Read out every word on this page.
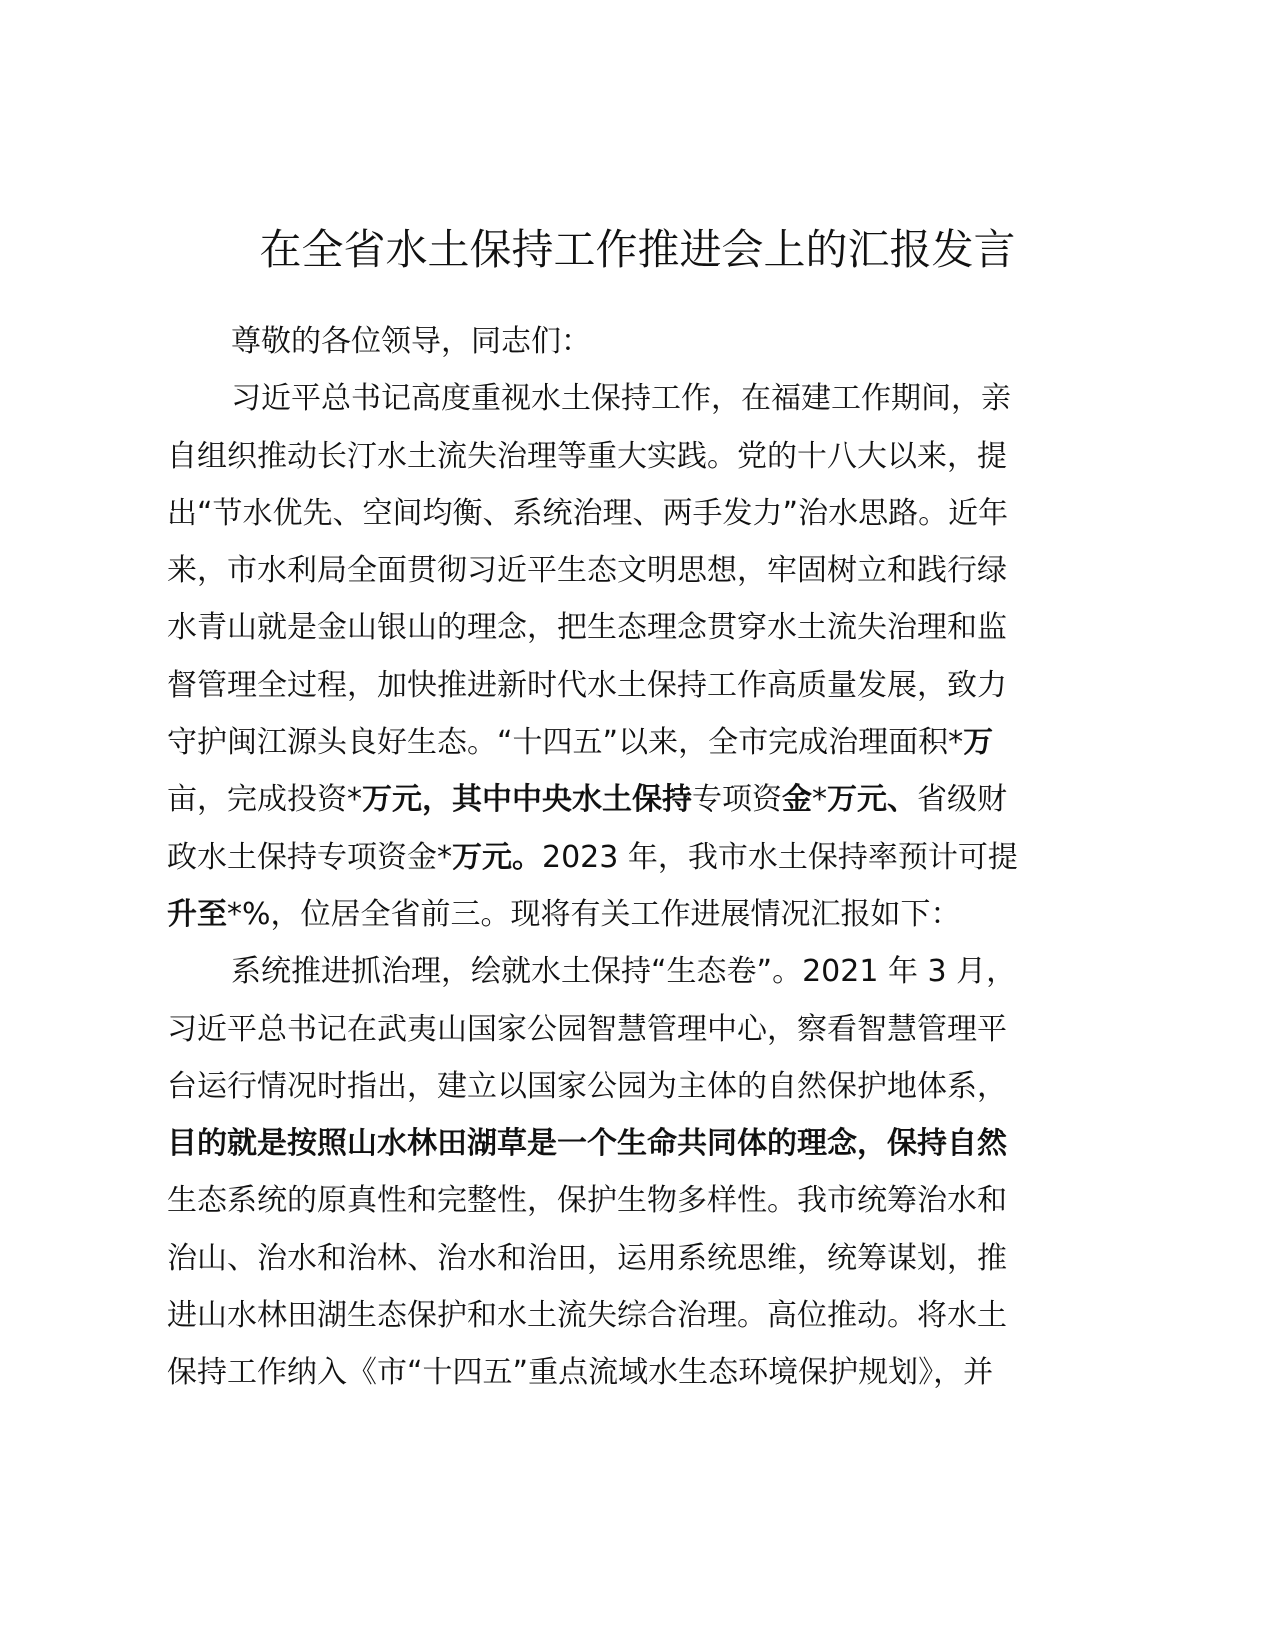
在全省水土保持工作推进会上的汇报发言
尊敬的各位领导，同志们：
习近平总书记高度重视水土保持工作，在福建工作期间，亲
自组织推动长汀水土流失治理等重大实践。党的十八大以来，提
出“节水优先、空间均衡、系统治理、两手发力”治水思路。近年
来，市水利局全面贯彻习近平生态文明思想，牢固树立和践行绿
水青山就是金山银山的理念，把生态理念贯穿水土流失治理和监
督管理全过程，加快推进新时代水土保持工作高质量发展，致力
守护闽江源头良好生态。“十四五”以来，全市完成治理面积*万
亩，完成投资*万元，其中中央水土保持专项资金*万元、省级财
政水土保持专项资金*万元。2023 年，我市水土保持率预计可提
升至*%，位居全省前三。现将有关工作进展情况汇报如下：
系统推进抓治理，绘就水土保持“生态卷”。2021 年 3 月，
习近平总书记在武夷山国家公园智慧管理中心，察看智慧管理平
台运行情况时指出，建立以国家公园为主体的自然保护地体系，
目的就是按照山水林田湖草是一个生命共同体的理念，保持自然
生态系统的原真性和完整性，保护生物多样性。我市统筹治水和
治山、治水和治林、治水和治田，运用系统思维，统筹谋划，推
进山水林田湖生态保护和水土流失综合治理。高位推动。将水土
保持工作纳入《市“十四五”重点流域水生态环境保护规划》，并
